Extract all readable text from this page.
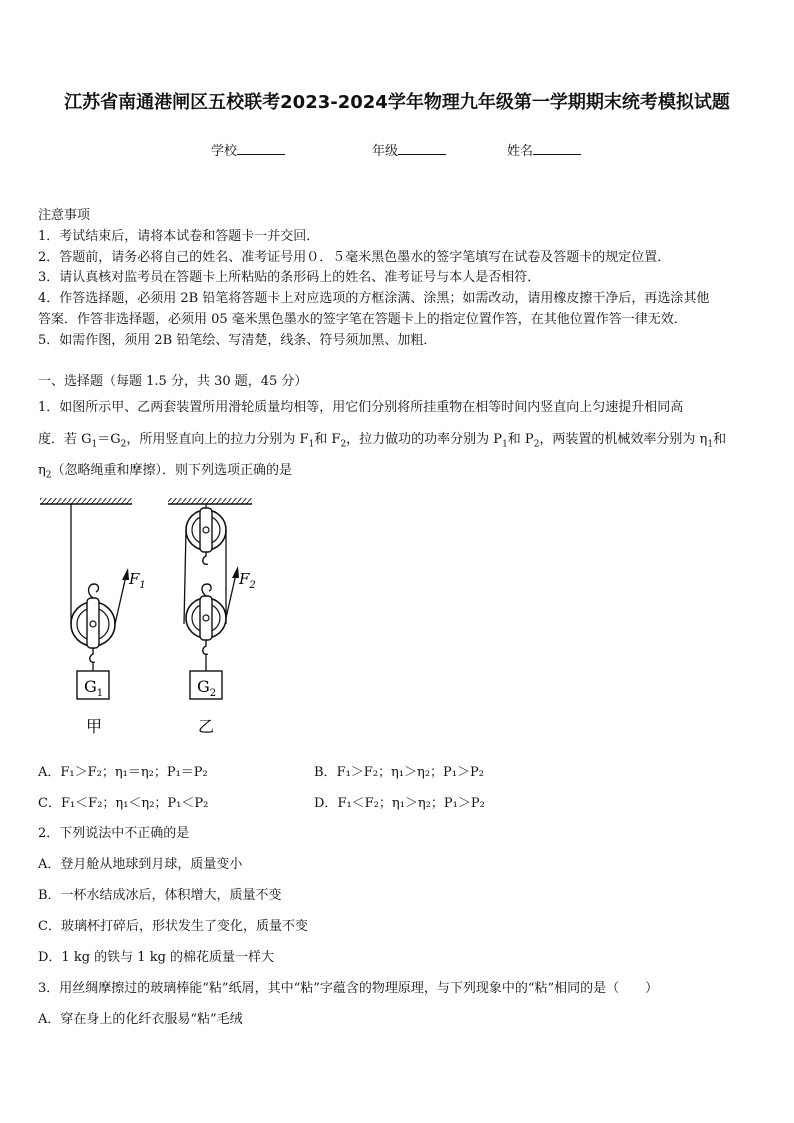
江苏省南通港闸区五校联考2023-2024学年物理九年级第一学期期末统考模拟试题
学校	年级	姓名
注意事项
1．考试结束后，请将本试卷和答题卡一并交回．
2．答题前，请务必将自己的姓名、准考证号用０．５毫米黑色墨水的签字笔填写在试卷及答题卡的规定位置．
3．请认真核对监考员在答题卡上所粘贴的条形码上的姓名、准考证号与本人是否相符．
4．作答选择题，必须用 2B 铅笔将答题卡上对应选项的方框涂满、涂黑；如需改动，请用橡皮擦干净后，再选涂其他
答案．作答非选择题，必须用 05 毫米黑色墨水的签字笔在答题卡上的指定位置作答，在其他位置作答一律无效．
5．如需作图，须用 2B 铅笔绘、写清楚，线条、符号须加黑、加粗．
一、选择题（每题 1.5 分，共 30 题，45 分）
1．如图所示甲、乙两套装置所用滑轮质量均相等，用它们分别将所挂重物在相等时间内竖直向上匀速提升相同高
度．若 $G_1=G_2$，所用竖直向上的拉力分别为 $F_1$和 $F_2$，拉力做功的功率分别为 $P_1$和 $P_2$，两装置的机械效率分别为 $\eta_1$和
$\eta_2$（忽略绳重和摩擦）．则下列选项正确的是
$F_1$	$F_2$
$G_1$	$G_2$
甲	乙
A．F₁＞F₂；η₁＝η₂；P₁＝P₂	B．F₁＞F₂；η₁＞η₂；P₁＞P₂
C．F₁＜F₂；η₁＜η₂；P₁＜P₂	D．F₁＜F₂；η₁＞η₂；P₁＞P₂
2．下列说法中不正确的是
A．登月舱从地球到月球，质量变小
B．一杯水结成冰后，体积增大，质量不变
C．玻璃杯打碎后，形状发生了变化，质量不变
D．1 kg 的铁与 1 kg 的棉花质量一样大
3．用丝绸摩擦过的玻璃棒能“粘”纸屑，其中“粘”字蕴含的物理原理，与下列现象中的“粘”相同的是（　　）
A．穿在身上的化纤衣服易“粘”毛绒
